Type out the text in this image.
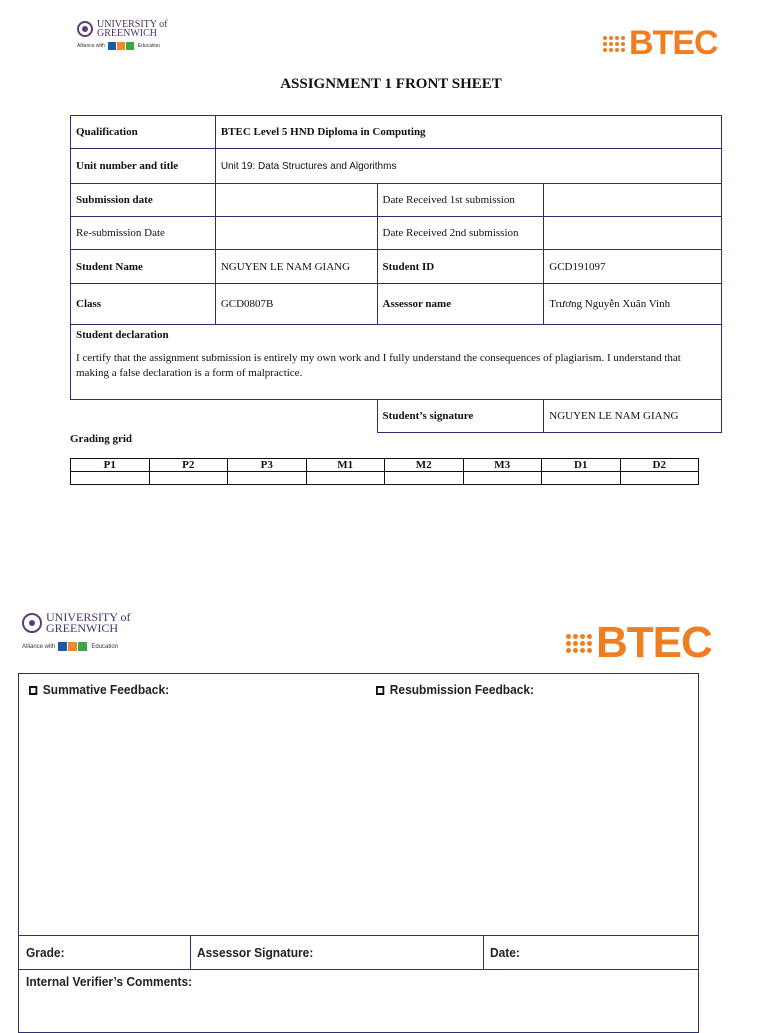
UNIVERSITY of
GREENWICH
Alliance with	Education	BTEC
ASSIGNMENT 1 FRONT SHEET
Qualification	BTEC Level 5 HND Diploma in Computing		
Unit number and title	Unit 19: Data Structures and Algorithms		
Submission date		Date Received 1st submission	
Re-submission Date		Date Received 2nd submission	
Student Name	NGUYEN LE NAM GIANG	Student ID	GCD191097
Class	GCD0807B	Assessor name	Trương Nguyễn Xuân Vinh

Student declaration
I certify that the assignment submission is entirely my own work and I fully understand the consequences of plagiarism. I understand that making a false declaration is a form of malpractice.			

		Student’s signature	NGUYEN LE NAM GIANG
Grading grid
P1	P2	P3	M1	M2	M3	D1	D2

UNIVERSITY of
GREENWICH
Alliance with	Education	BTEC
Summative Feedback:	Resubmission Feedback:
Grade:	Assessor Signature:	Date:
Internal Verifier’s Comments:
